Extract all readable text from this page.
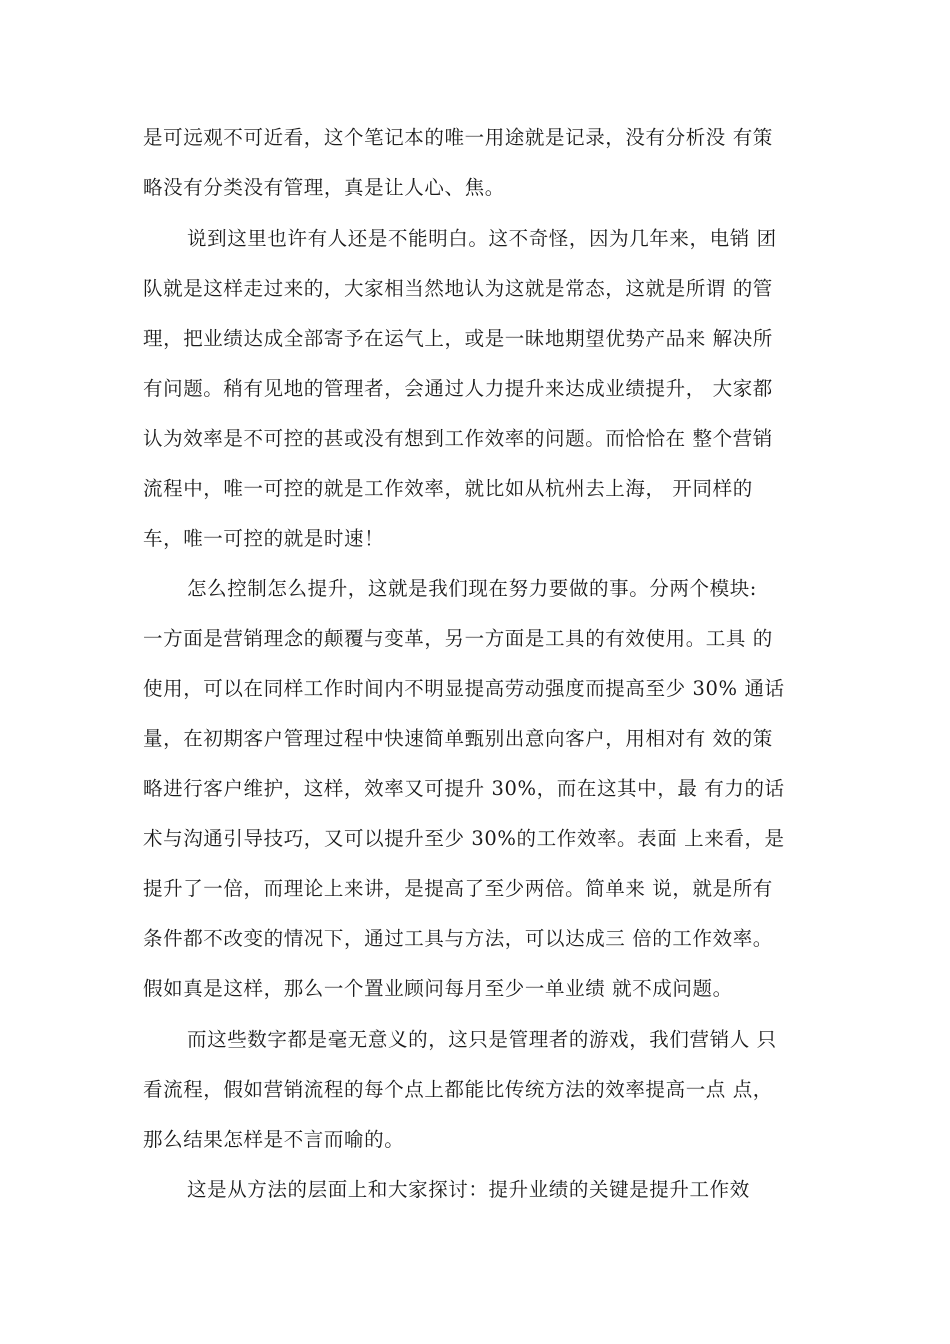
是可远观不可近看，这个笔记本的唯一用途就是记录，没有分析没 有策
略没有分类没有管理，真是让人心、焦。
说到这里也许有人还是不能明白。这不奇怪，因为几年来，电销 团
队就是这样走过来的，大家相当然地认为这就是常态，这就是所谓 的管
理，把业绩达成全部寄予在运气上，或是一昧地期望优势产品来 解决所
有问题。稍有见地的管理者，会通过人力提升来达成业绩提升， 大家都
认为效率是不可控的甚或没有想到工作效率的问题。而恰恰在 整个营销
流程中，唯一可控的就是工作效率，就比如从杭州去上海， 开同样的
车，唯一可控的就是时速！
怎么控制怎么提升，这就是我们现在努力要做的事。分两个模块:
一方面是营销理念的颠覆与变革，另一方面是工具的有效使用。工具 的
使用，可以在同样工作时间内不明显提高劳动强度而提高至少 30% 通话
量，在初期客户管理过程中快速简单甄别出意向客户，用相对有 效的策
略进行客户维护，这样，效率又可提升 30%，而在这其中，最 有力的话
术与沟通引导技巧，又可以提升至少 30%的工作效率。表面 上来看，是
提升了一倍，而理论上来讲，是提高了至少两倍。简单来 说，就是所有
条件都不改变的情况下，通过工具与方法，可以达成三 倍的工作效率。
假如真是这样，那么一个置业顾问每月至少一单业绩 就不成问题。
而这些数字都是毫无意义的，这只是管理者的游戏，我们营销人 只
看流程，假如营销流程的每个点上都能比传统方法的效率提高一点 点，
那么结果怎样是不言而喻的。
这是从方法的层面上和大家探讨：提升业绩的关键是提升工作效
